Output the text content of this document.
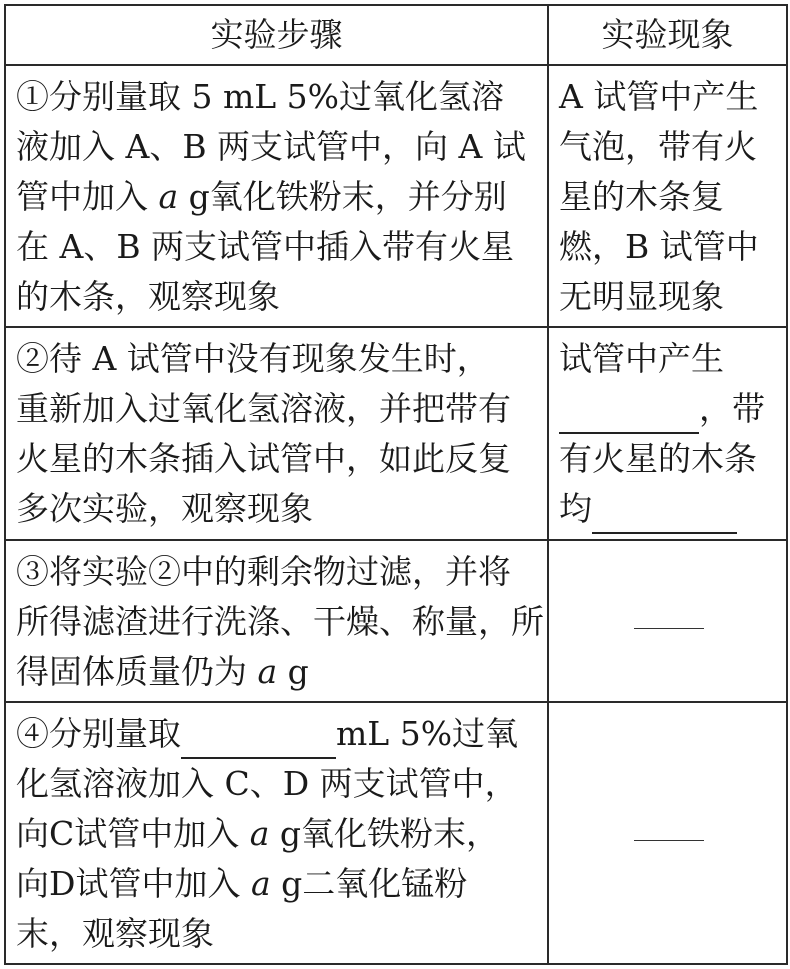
实验步骤	实验现象

①分别量取 5 mL 5%过氧化氢溶
液加入 A、B 两支试管中，向 A 试
管中加入 a g氧化铁粉末，并分别
在 A、B 两支试管中插入带有火星
的木条，观察现象	A 试管中产生
气泡，带有火
星的木条复
燃，B 试管中
无明显现象

②待 A 试管中没有现象发生时，
重新加入过氧化氢溶液，并把带有
火星的木条插入试管中，如此反复
多次实验，观察现象	试管中产生
，带
有火星的木条
均

③将实验②中的剩余物过滤，并将
所得滤渣进行洗涤、干燥、称量，所
得固体质量仍为 a g	

④分别量取 mL 5%过氧
化氢溶液加入 C、D 两支试管中，
向C试管中加入 a g氧化铁粉末，
向D试管中加入 a g二氧化锰粉
末，观察现象	
